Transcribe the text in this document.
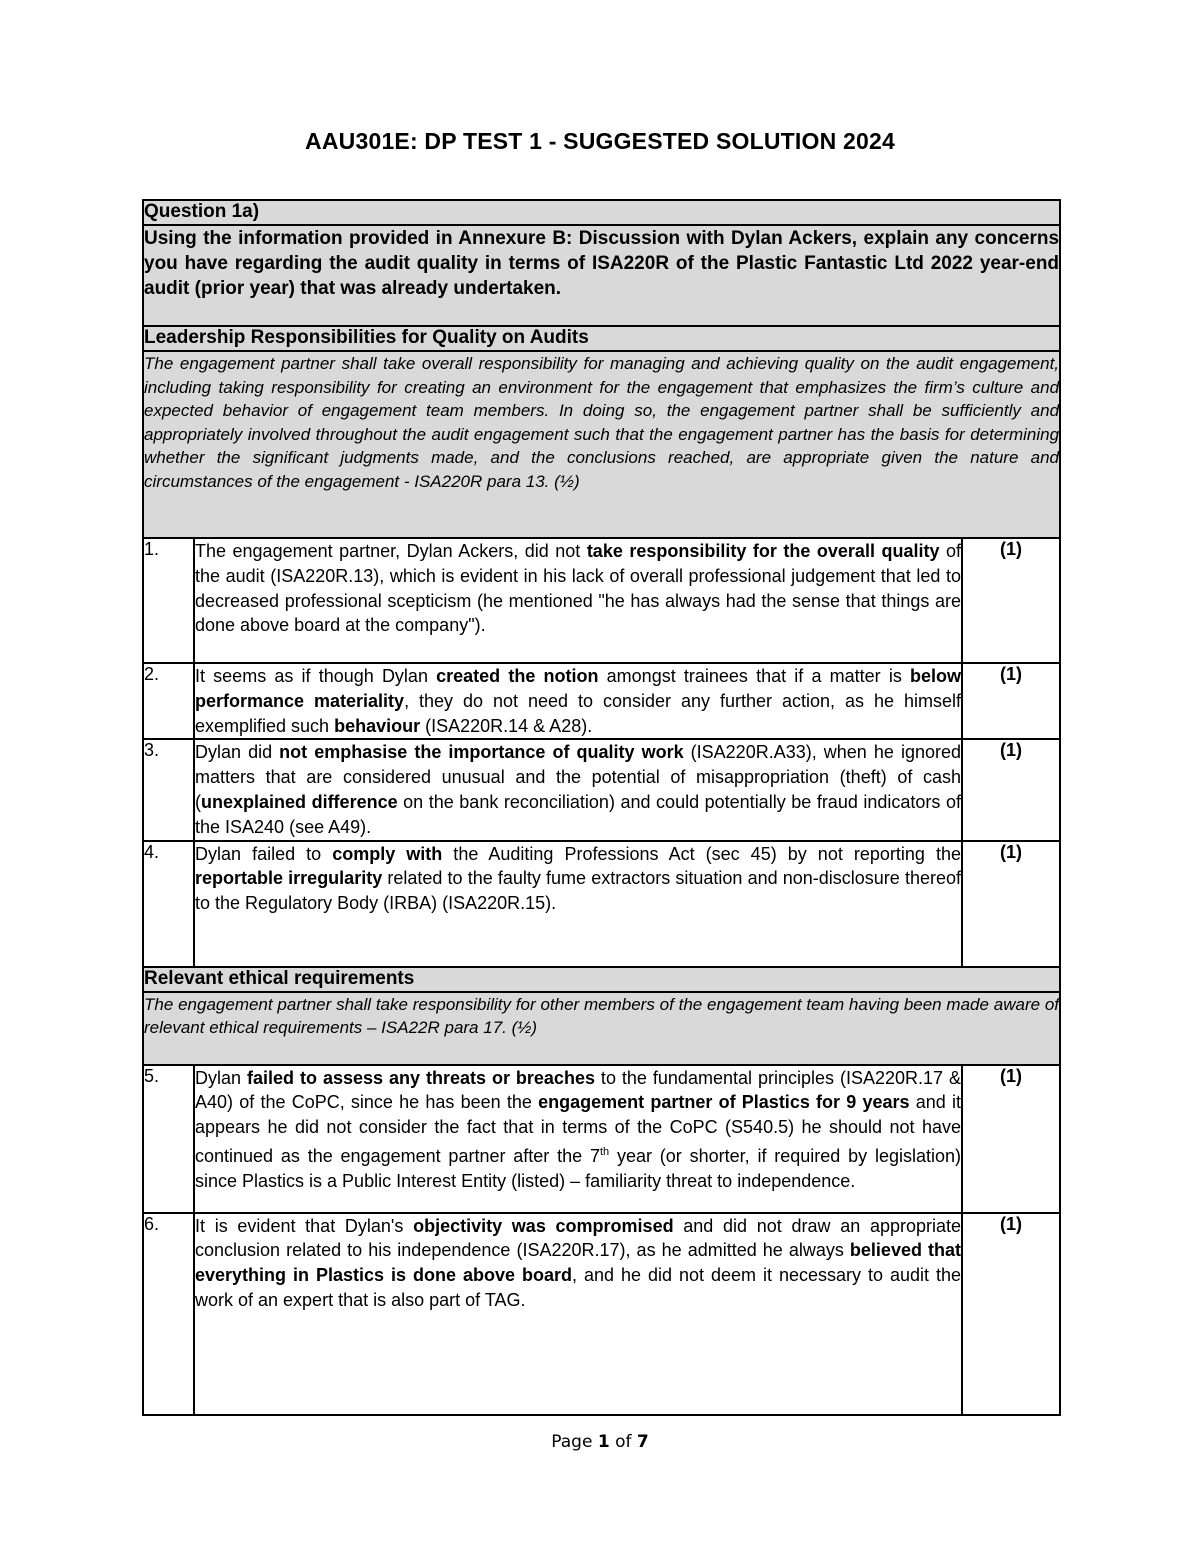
AAU301E: DP TEST 1 - SUGGESTED SOLUTION 2024
Question 1a)		
Using the information provided in Annexure B: Discussion with Dylan Ackers, explain any concerns you have regarding the audit quality in terms of ISA220R of the Plastic Fantastic Ltd 2022 year-end audit (prior year) that was already undertaken.		
Leadership Responsibilities for Quality on Audits		
The engagement partner shall take overall responsibility for managing and achieving quality on the audit engagement, including taking responsibility for creating an environment for the engagement that emphasizes the firm’s culture and expected behavior of engagement team members. In doing so, the engagement partner shall be sufficiently and appropriately involved throughout the audit engagement such that the engagement partner has the basis for determining whether the significant judgments made, and the conclusions reached, are appropriate given the nature and circumstances of the engagement - ISA220R para 13. (½)		
1.	The engagement partner, Dylan Ackers, did not take responsibility for the overall quality of the audit (ISA220R.13), which is evident in his lack of overall professional judgement that led to decreased professional scepticism (he mentioned "he has always had the sense that things are done above board at the company").	(1)
2.	It seems as if though Dylan created the notion amongst trainees that if a matter is below performance materiality, they do not need to consider any further action, as he himself exemplified such behaviour (ISA220R.14 & A28).	(1)
3.	Dylan did not emphasise the importance of quality work (ISA220R.A33), when he ignored matters that are considered unusual and the potential of misappropriation (theft) of cash (unexplained difference on the bank reconciliation) and could potentially be fraud indicators of the ISA240 (see A49).	(1)
4.	Dylan failed to comply with the Auditing Professions Act (sec 45) by not reporting the reportable irregularity related to the faulty fume extractors situation and non-disclosure thereof to the Regulatory Body (IRBA) (ISA220R.15).	(1)
Relevant ethical requirements		
The engagement partner shall take responsibility for other members of the engagement team having been made aware of relevant ethical requirements – ISA22R para 17. (½)		
5.	Dylan failed to assess any threats or breaches to the fundamental principles (ISA220R.17 & A40) of the CoPC, since he has been the engagement partner of Plastics for 9 years and it appears he did not consider the fact that in terms of the CoPC (S540.5) he should not have continued as the engagement partner after the 7th year (or shorter, if required by legislation) since Plastics is a Public Interest Entity (listed) – familiarity threat to independence.	(1)
6.	It is evident that Dylan's objectivity was compromised and did not draw an appropriate conclusion related to his independence (ISA220R.17), as he admitted he always believed that everything in Plastics is done above board, and he did not deem it necessary to audit the work of an expert that is also part of TAG.	(1)
Page 1 of 7
